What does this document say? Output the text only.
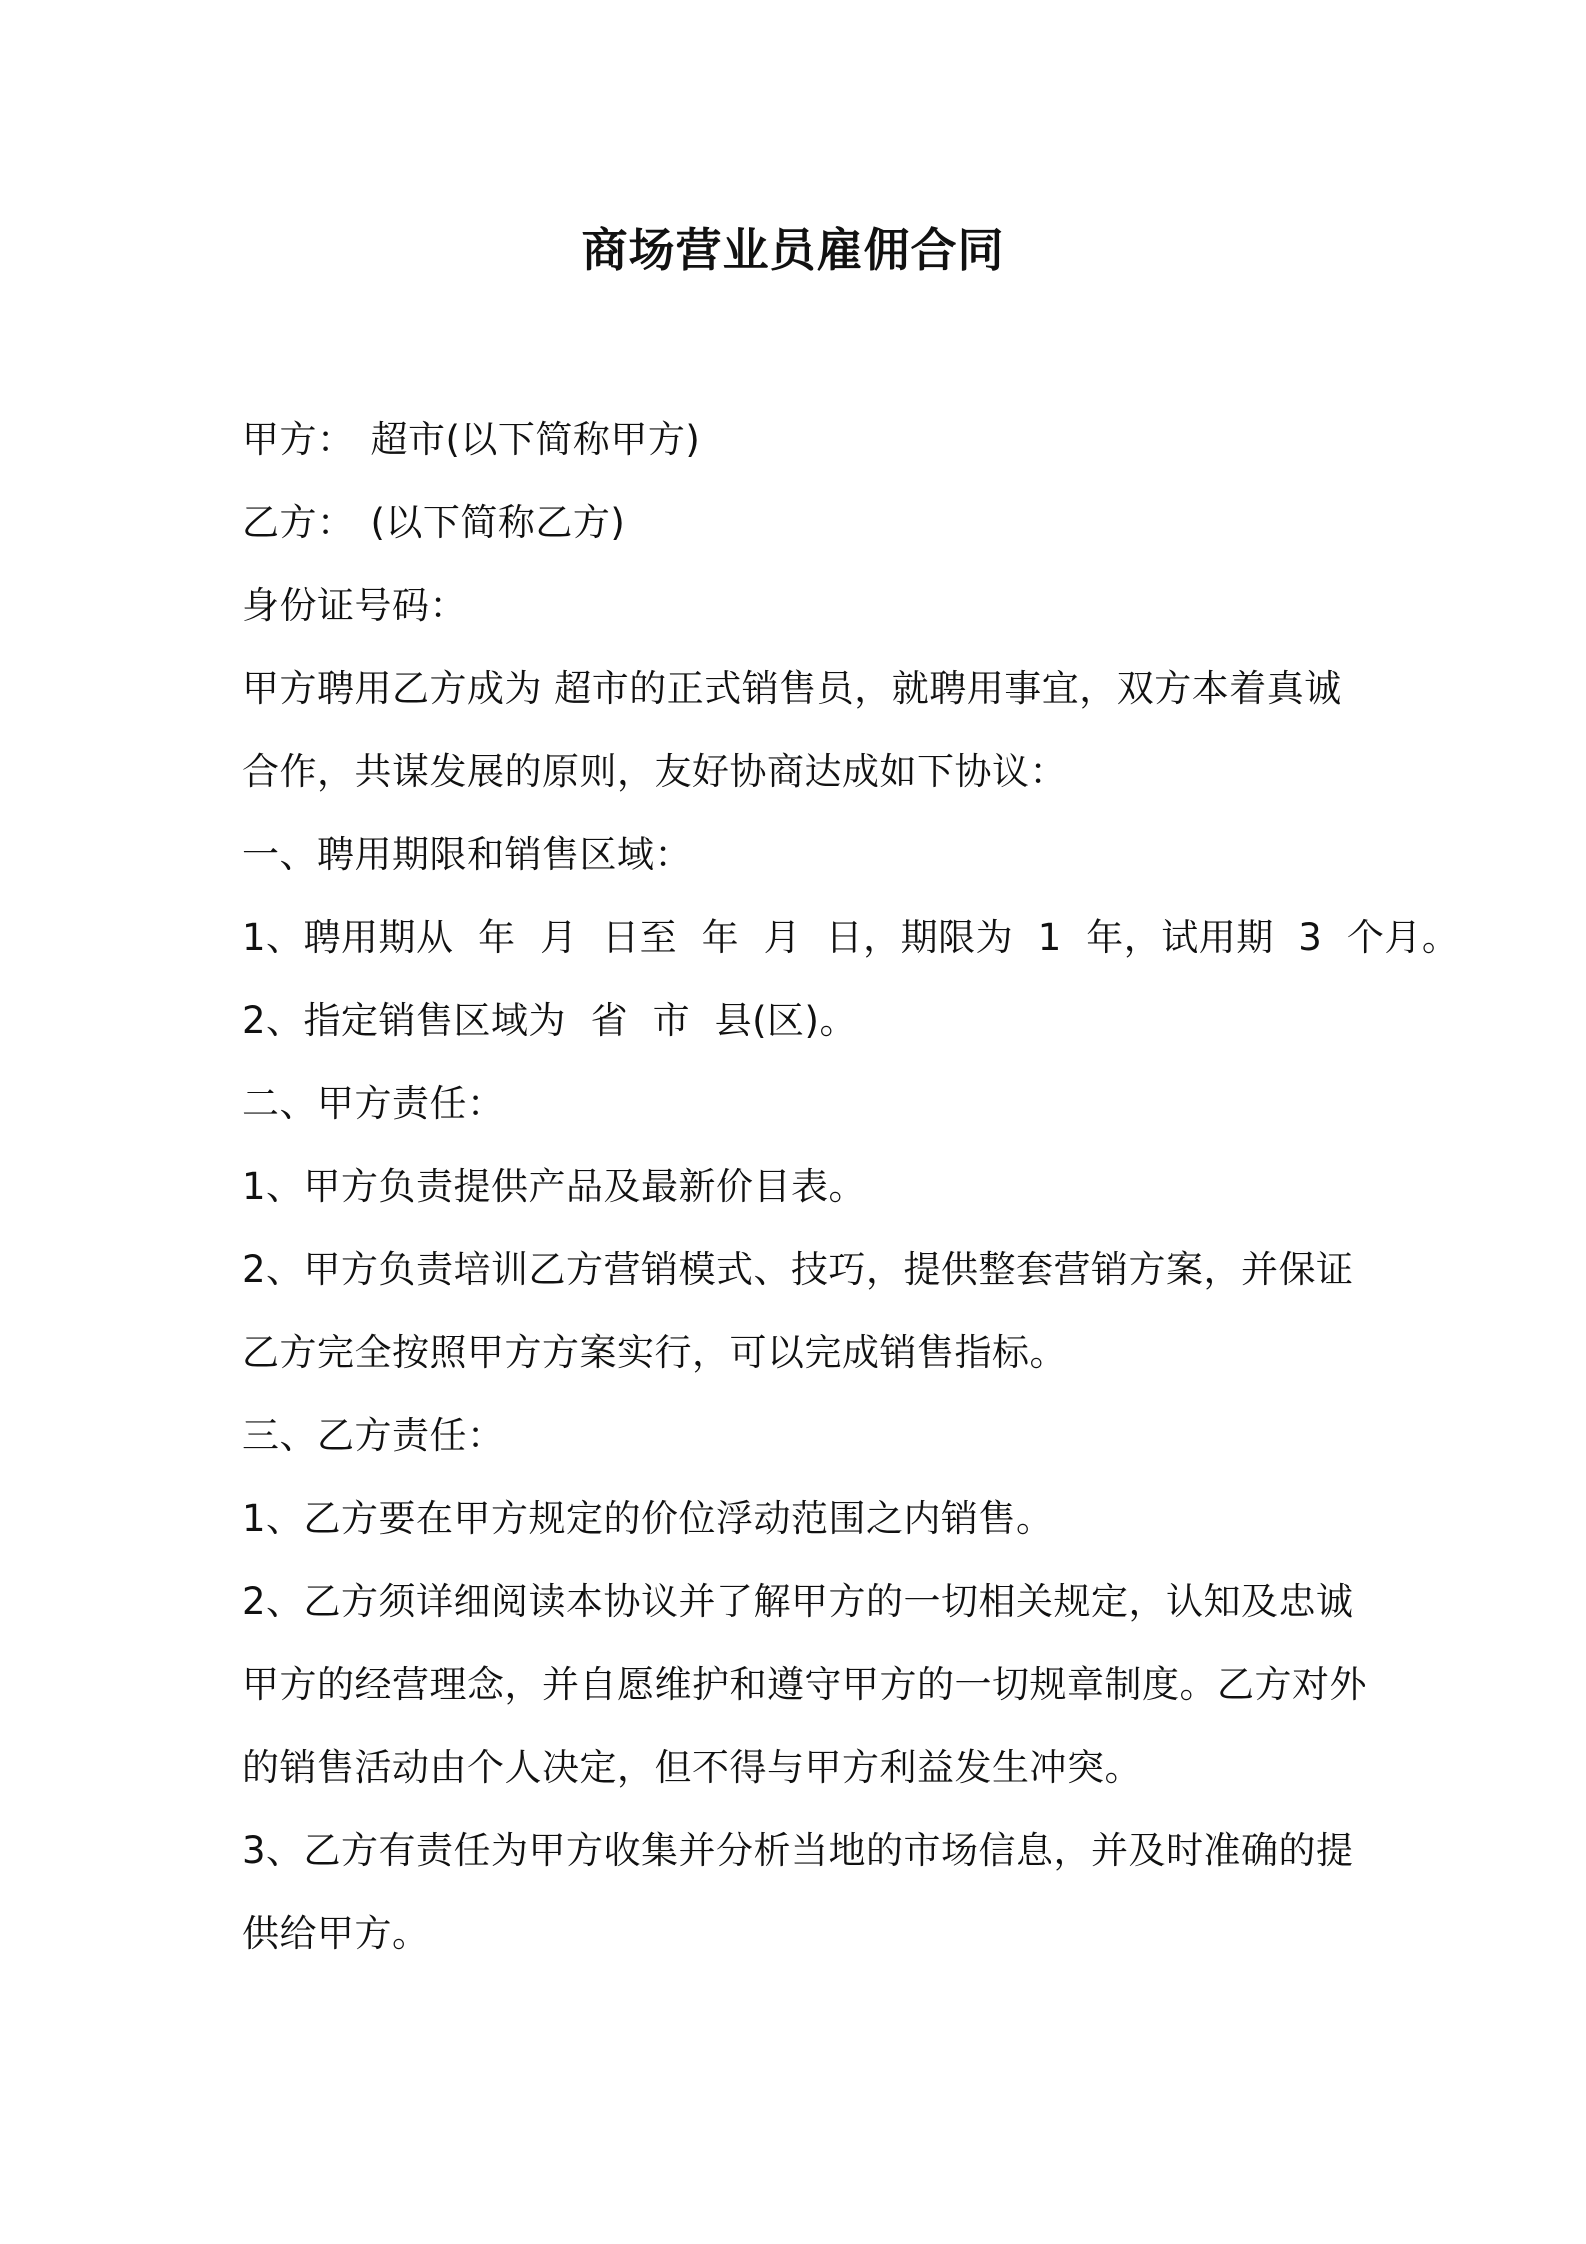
商场营业员雇佣合同
甲方： 超市(以下简称甲方)
乙方： (以下简称乙方)
身份证号码：
甲方聘用乙方成为 超市的正式销售员，就聘用事宜，双方本着真诚
合作，共谋发展的原则，友好协商达成如下协议：
一、聘用期限和销售区域：
1、聘用期从  年  月  日至  年  月  日，期限为  1  年，试用期  3  个月。
2、指定销售区域为  省  市  县(区)。
二、甲方责任：
1、甲方负责提供产品及最新价目表。
2、甲方负责培训乙方营销模式、技巧，提供整套营销方案，并保证
乙方完全按照甲方方案实行，可以完成销售指标。
三、乙方责任：
1、乙方要在甲方规定的价位浮动范围之内销售。
2、乙方须详细阅读本协议并了解甲方的一切相关规定，认知及忠诚
甲方的经营理念，并自愿维护和遵守甲方的一切规章制度。乙方对外
的销售活动由个人决定，但不得与甲方利益发生冲突。
3、乙方有责任为甲方收集并分析当地的市场信息，并及时准确的提
供给甲方。
